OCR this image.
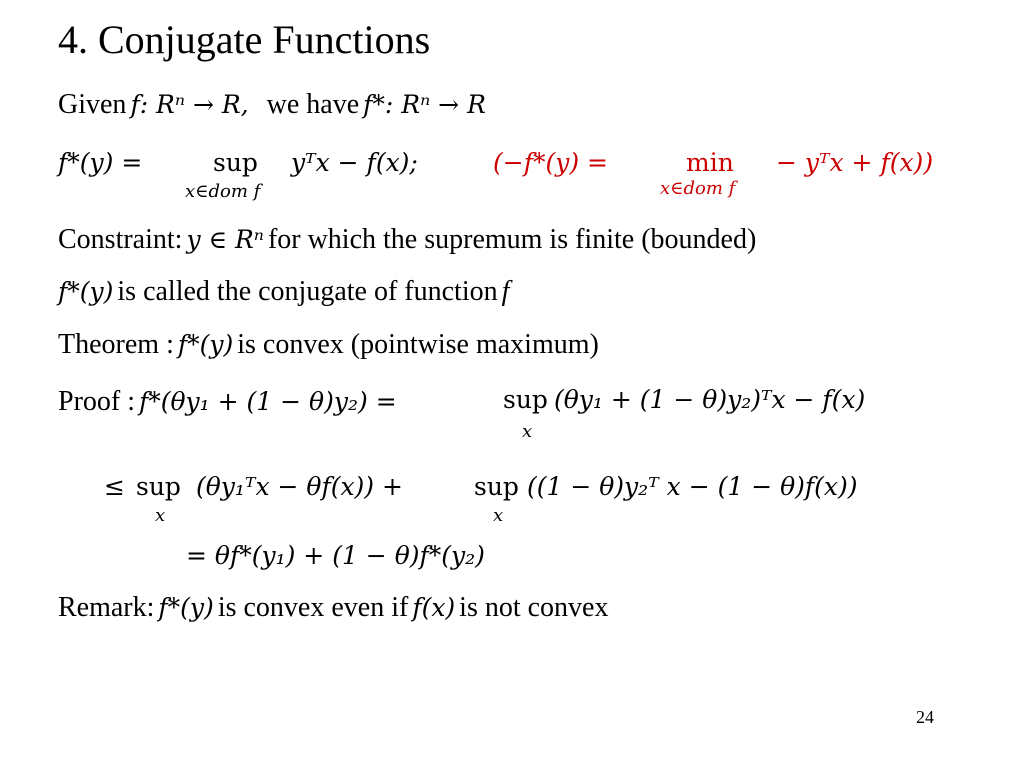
4. Conjugate Functions
Given f: Rⁿ → R, we have f*: Rⁿ → R
f*(y) =	sup
x∈dom f
yᵀx − f(x);	(−f*(y) =	min
x∈dom f
− yᵀx + f(x))
Constraint: y ∈ Rⁿ for which the supremum is finite (bounded)
f*(y) is called the conjugate of function f
Theorem : f*(y) is convex (pointwise maximum)
Proof : f*(θy₁ + (1 − θ)y₂) =	sup
x
(θy₁ + (1 − θ)y₂)ᵀx − f(x)
≤ sup
x
(θy₁ᵀx − θf(x)) +	sup
x
((1 − θ)y₂ᵀ x − (1 − θ)f(x))
= θf*(y₁) + (1 − θ)f*(y₂)
Remark: f*(y) is convex even if f(x) is not convex
24
